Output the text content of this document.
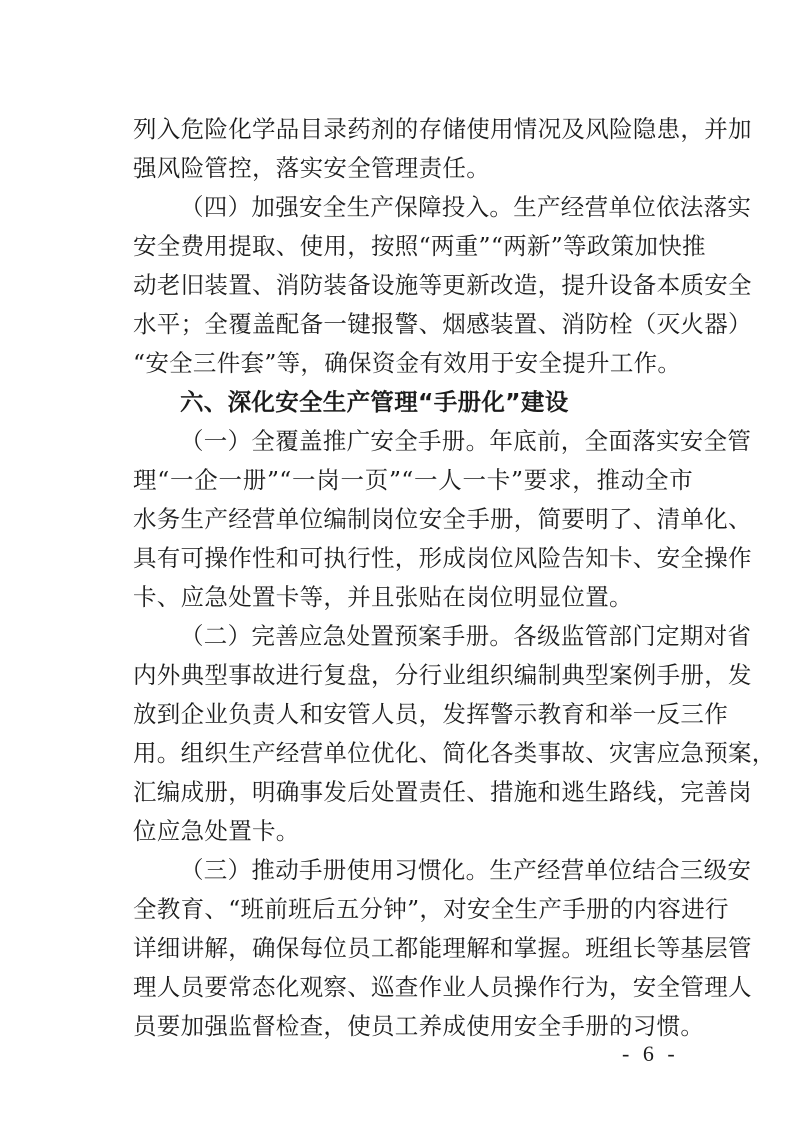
列入危险化学品目录药剂的存储使用情况及风险隐患，并加
强风险管控，落实安全管理责任。
（四）加强安全生产保障投入。生产经营单位依法落实
安全费用提取、使用，按照“两重”“两新”等政策加快推
动老旧装置、消防装备设施等更新改造，提升设备本质安全
水平；全覆盖配备一键报警、烟感装置、消防栓（灭火器）
“安全三件套”等，确保资金有效用于安全提升工作。
六、深化安全生产管理“手册化”建设
（一）全覆盖推广安全手册。年底前，全面落实安全管
理“一企一册”“一岗一页”“一人一卡”要求，推动全市
水务生产经营单位编制岗位安全手册，简要明了、清单化、
具有可操作性和可执行性，形成岗位风险告知卡、安全操作
卡、应急处置卡等，并且张贴在岗位明显位置。
（二）完善应急处置预案手册。各级监管部门定期对省
内外典型事故进行复盘，分行业组织编制典型案例手册，发
放到企业负责人和安管人员，发挥警示教育和举一反三作
用。组织生产经营单位优化、简化各类事故、灾害应急预案，
汇编成册，明确事发后处置责任、措施和逃生路线，完善岗
位应急处置卡。
（三）推动手册使用习惯化。生产经营单位结合三级安
全教育、“班前班后五分钟”，对安全生产手册的内容进行
详细讲解，确保每位员工都能理解和掌握。班组长等基层管
理人员要常态化观察、巡查作业人员操作行为，安全管理人
员要加强监督检查，使员工养成使用安全手册的习惯。
- 6 -
